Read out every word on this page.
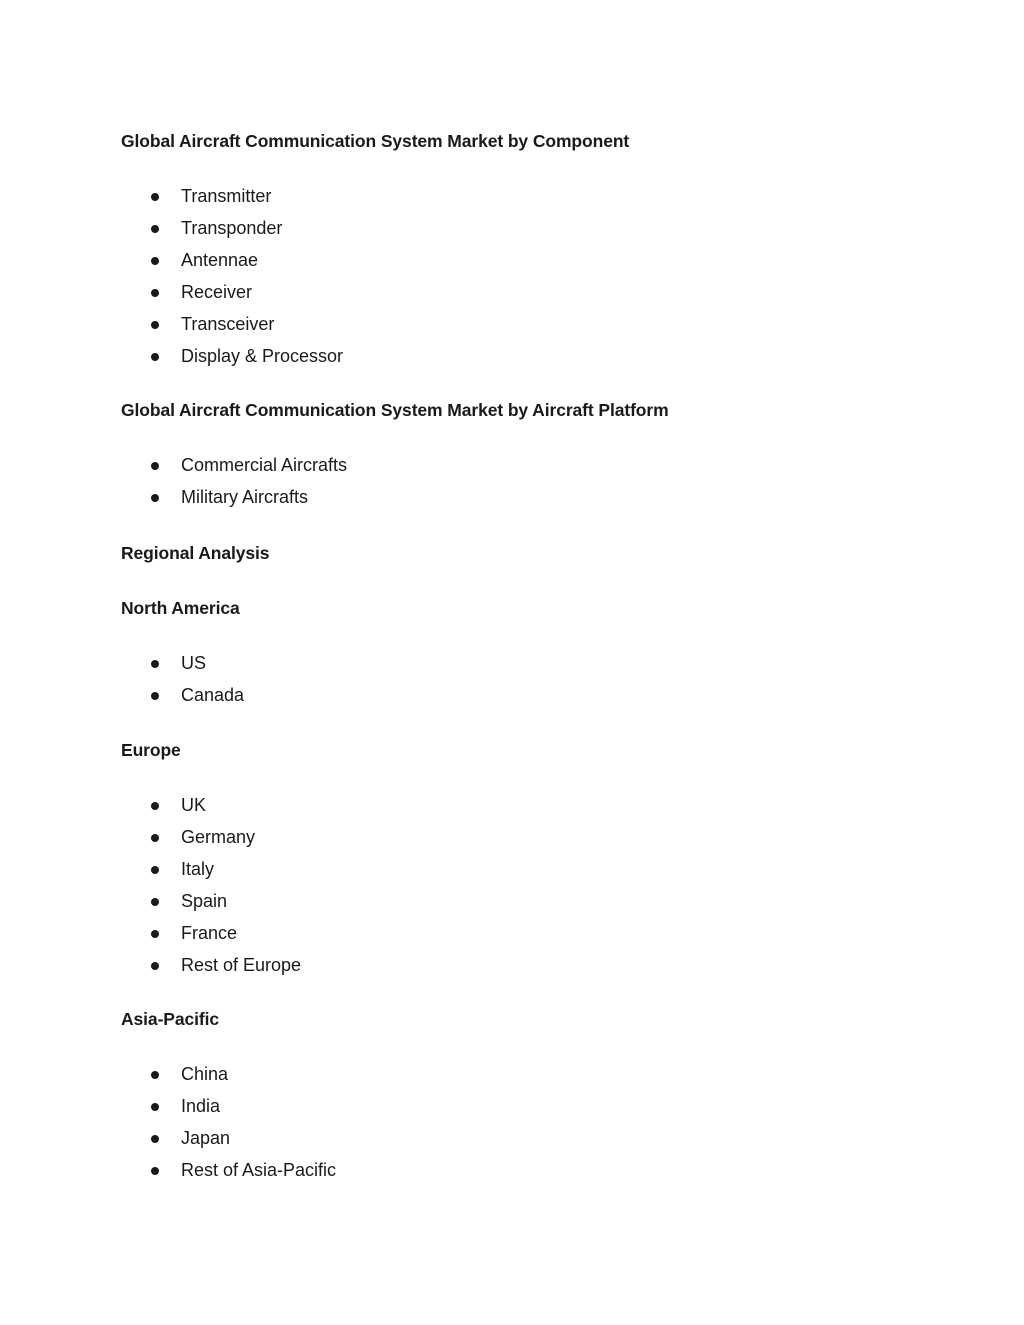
Global Aircraft Communication System Market by Component
Transmitter
Transponder
Antennae
Receiver
Transceiver
Display & Processor
Global Aircraft Communication System Market by Aircraft Platform
Commercial Aircrafts
Military Aircrafts
Regional Analysis
North America
US
Canada
Europe
UK
Germany
Italy
Spain
France
Rest of Europe
Asia-Pacific
China
India
Japan
Rest of Asia-Pacific
